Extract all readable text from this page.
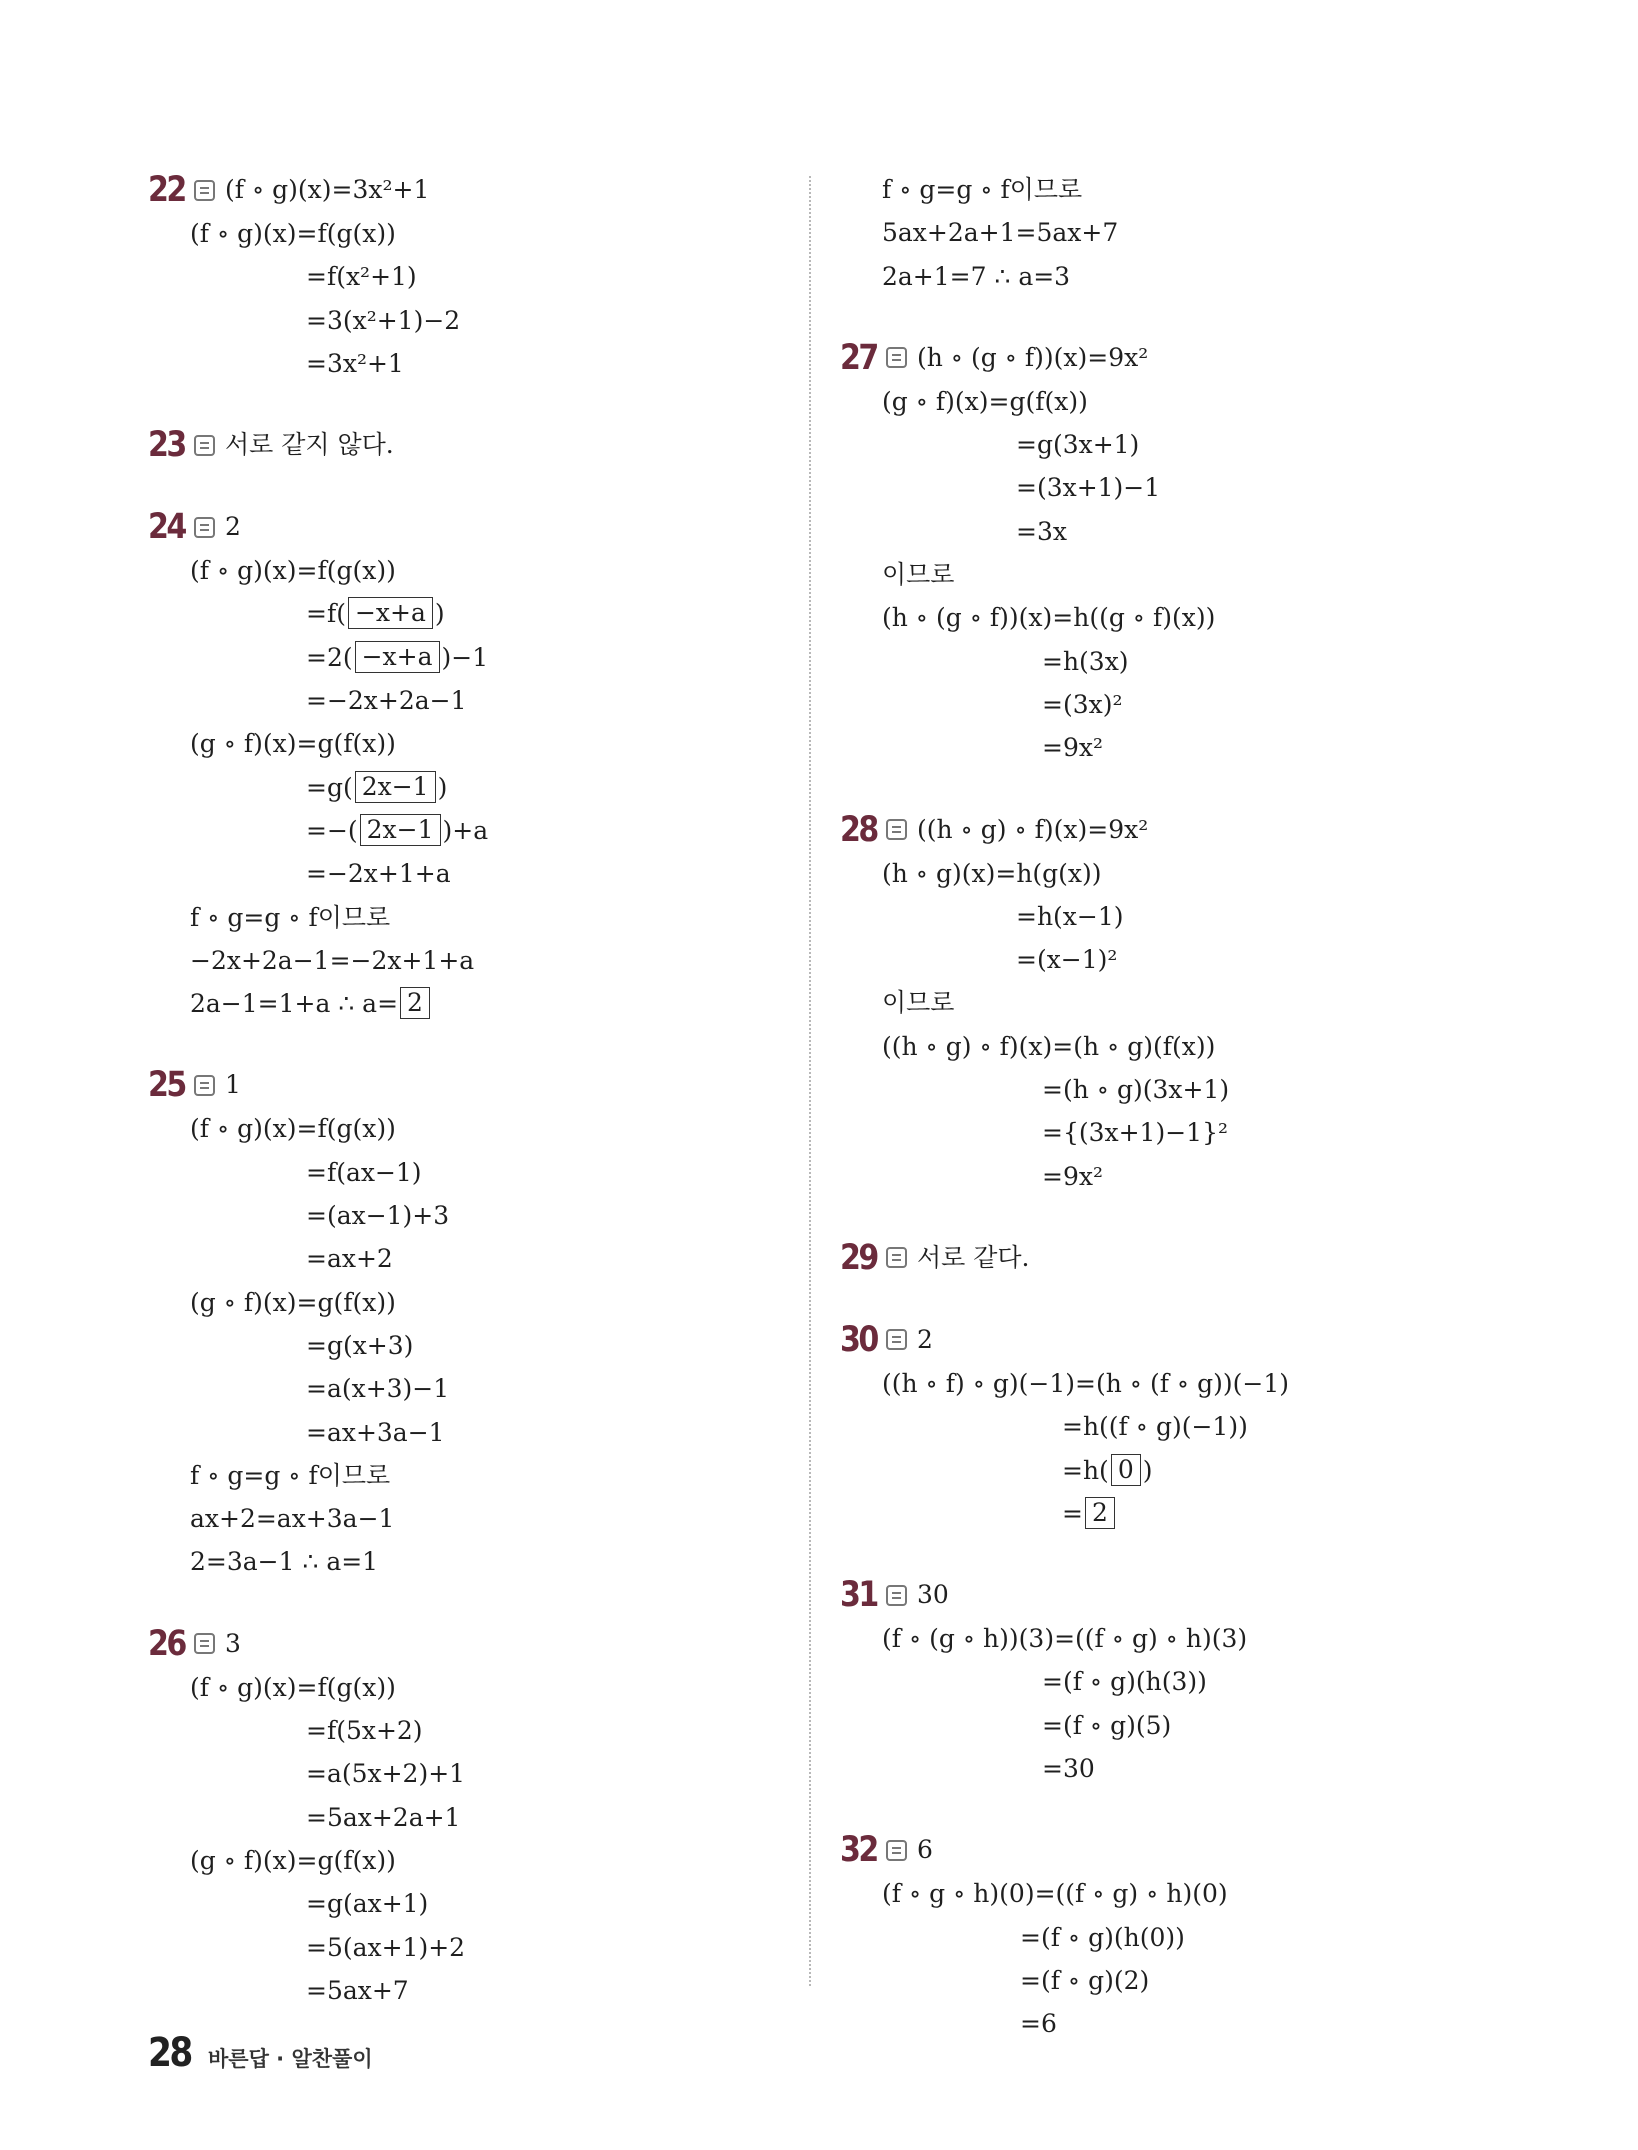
22 (f ∘ g)(x)=3x²+1
(f ∘ g)(x)=f(g(x))
=f(x²+1)
=3(x²+1)−2
=3x²+1
23 서로 같지 않다.
24 2
(f ∘ g)(x)=f(g(x))
=f( −x+a )
=2( −x+a )−1
=−2x+2a−1
(g ∘ f)(x)=g(f(x))
=g( 2x−1 )
=−( 2x−1 )+a
=−2x+1+a
f ∘ g=g ∘ f이므로
−2x+2a−1=−2x+1+a
2a−1=1+a ∴ a= 2
25 1
(f ∘ g)(x)=f(g(x))
=f(ax−1)
=(ax−1)+3
=ax+2
(g ∘ f)(x)=g(f(x))
=g(x+3)
=a(x+3)−1
=ax+3a−1
f ∘ g=g ∘ f이므로
ax+2=ax+3a−1
2=3a−1 ∴ a=1
26 3
(f ∘ g)(x)=f(g(x))
=f(5x+2)
=a(5x+2)+1
=5ax+2a+1
(g ∘ f)(x)=g(f(x))
=g(ax+1)
=5(ax+1)+2
=5ax+7
f ∘ g=g ∘ f이므로
5ax+2a+1=5ax+7
2a+1=7 ∴ a=3
27 (h ∘ (g ∘ f))(x)=9x²
(g ∘ f)(x)=g(f(x))
=g(3x+1)
=(3x+1)−1
=3x
이므로
(h ∘ (g ∘ f))(x)=h((g ∘ f)(x))
=h(3x)
=(3x)²
=9x²
28 ((h ∘ g) ∘ f)(x)=9x²
(h ∘ g)(x)=h(g(x))
=h(x−1)
=(x−1)²
이므로
((h ∘ g) ∘ f)(x)=(h ∘ g)(f(x))
=(h ∘ g)(3x+1)
={(3x+1)−1}²
=9x²
29 서로 같다.
30 2
((h ∘ f) ∘ g)(−1)=(h ∘ (f ∘ g))(−1)
=h((f ∘ g)(−1))
=h( 0 )
= 2
31 30
(f ∘ (g ∘ h))(3)=((f ∘ g) ∘ h)(3)
=(f ∘ g)(h(3))
=(f ∘ g)(5)
=30
32 6
(f ∘ g ∘ h)(0)=((f ∘ g) ∘ h)(0)
=(f ∘ g)(h(0))
=(f ∘ g)(2)
=6
28 바른답 · 알찬풀이
